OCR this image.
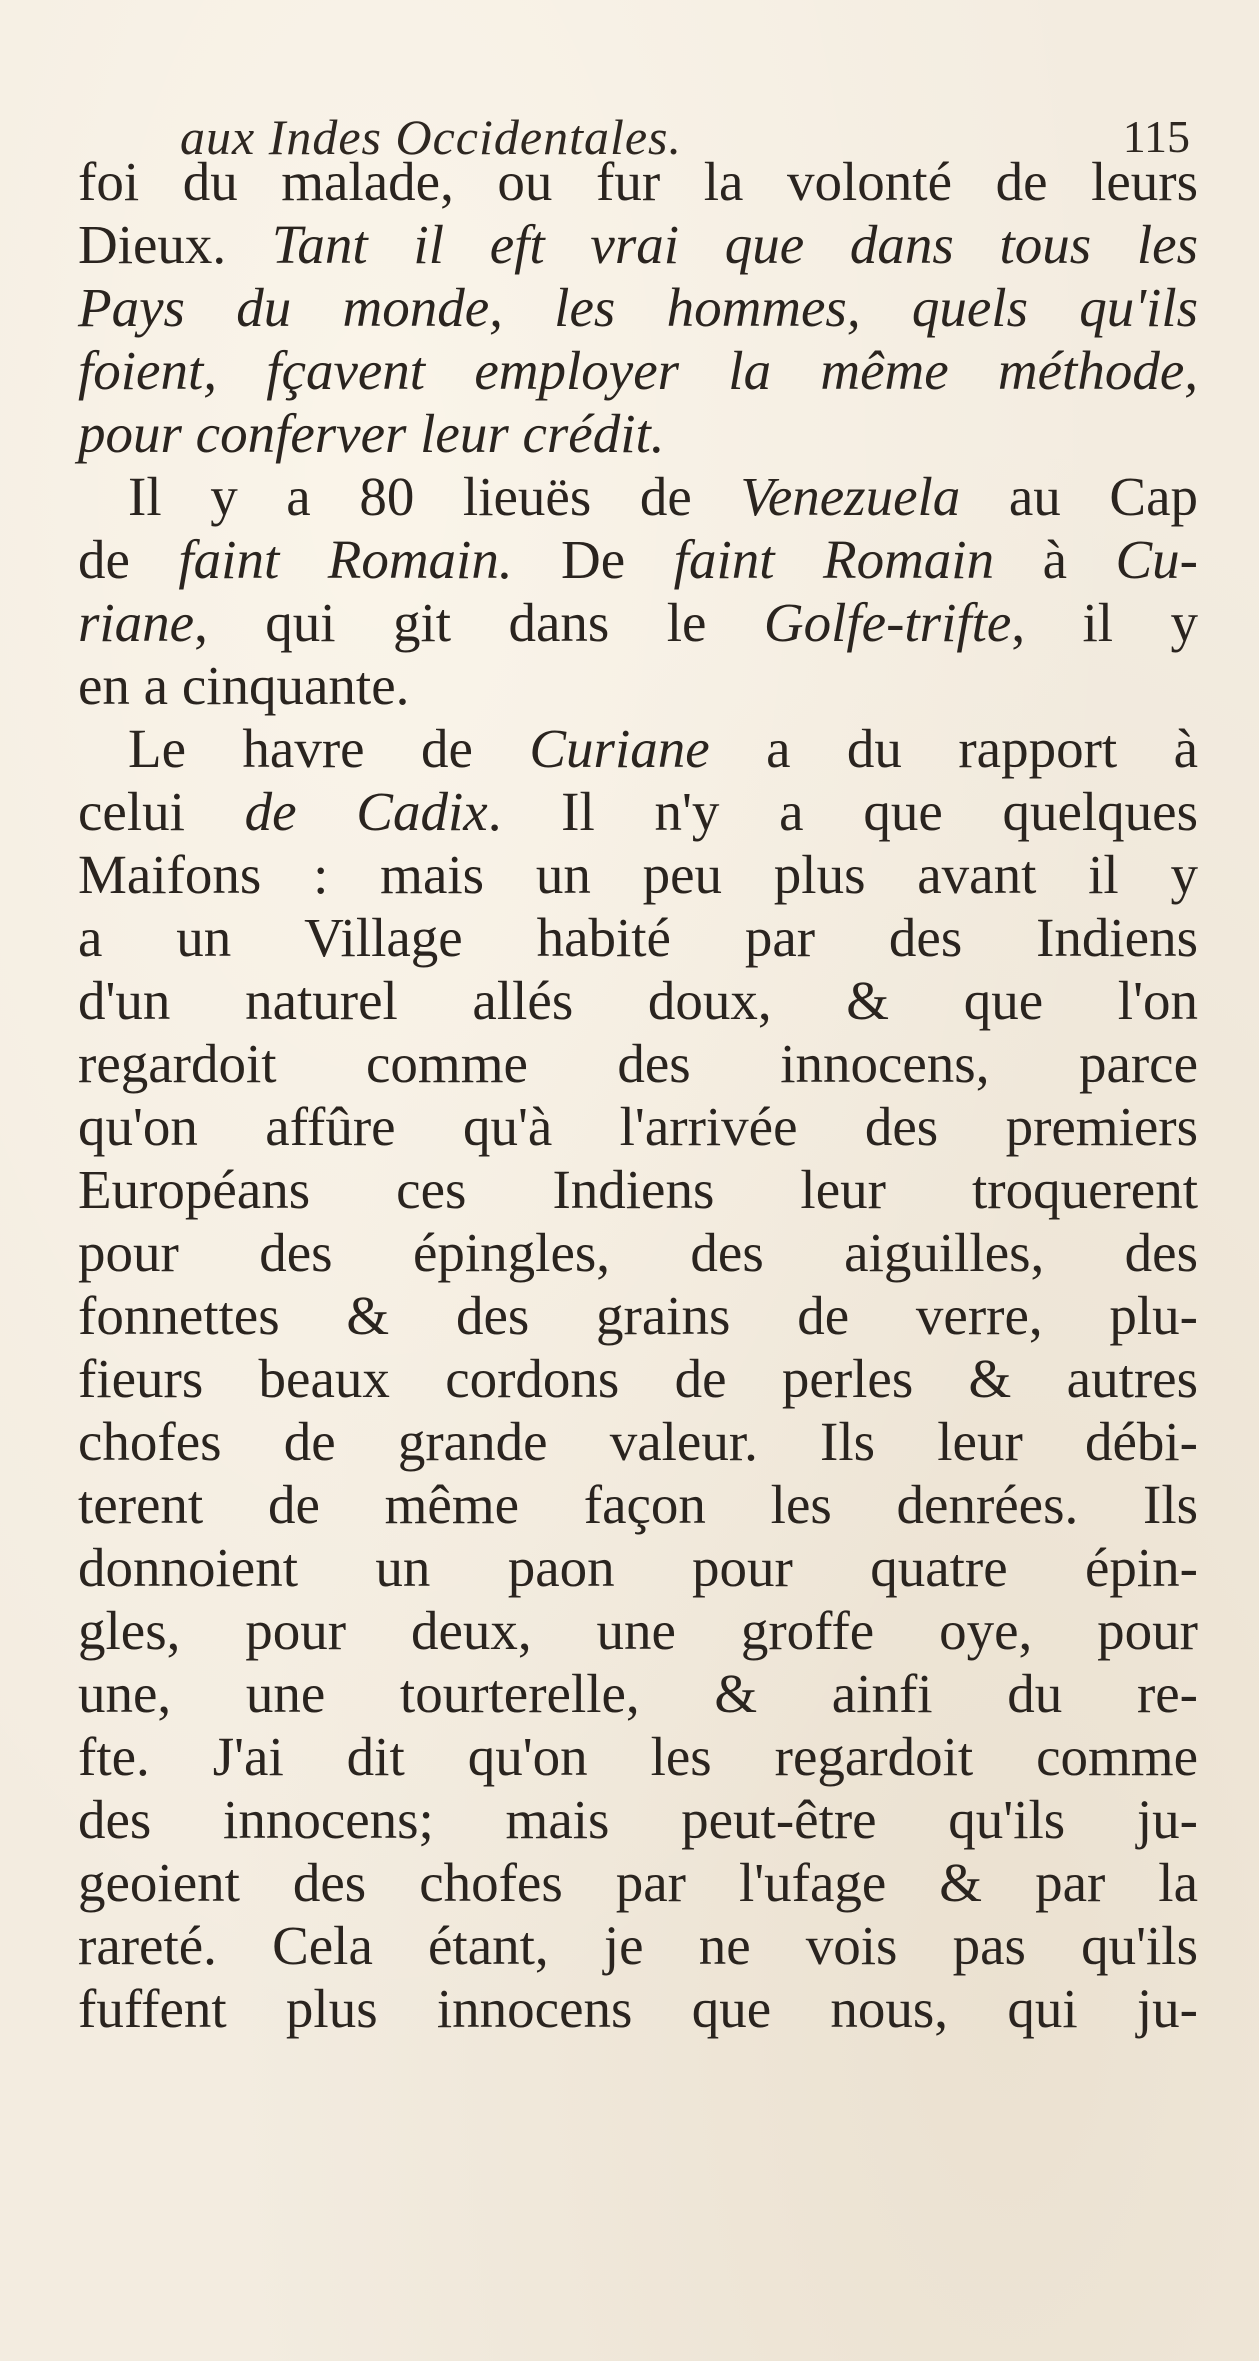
aux Indes Occidentales.	115
foi du malade, ou fur la volonté de leurs
Dieux. Tant il eft vrai que dans tous les
Pays du monde, les hommes, quels qu'ils
foient, fçavent employer la même méthode,
pour conferver leur crédit.
Il y a 80 lieuës de Venezuela au Cap
de faint Romain. De faint Romain à Cu-
riane, qui git dans le Golfe-trifte, il y
en a cinquante.
Le havre de Curiane a du rapport à
celui de Cadix. Il n'y a que quelques
Maifons : mais un peu plus avant il y
a un Village habité par des Indiens
d'un naturel allés doux, & que l'on
regardoit comme des innocens, parce
qu'on affûre qu'à l'arrivée des premiers
Européans ces Indiens leur troquerent
pour des épingles, des aiguilles, des
fonnettes & des grains de verre, plu-
fieurs beaux cordons de perles & autres
chofes de grande valeur. Ils leur débi-
terent de même façon les denrées. Ils
donnoient un paon pour quatre épin-
gles, pour deux, une groffe oye, pour
une, une tourterelle, & ainfi du re-
fte. J'ai dit qu'on les regardoit comme
des innocens; mais peut-être qu'ils ju-
geoient des chofes par l'ufage & par la
rareté. Cela étant, je ne vois pas qu'ils
fuffent plus innocens que nous, qui ju-
